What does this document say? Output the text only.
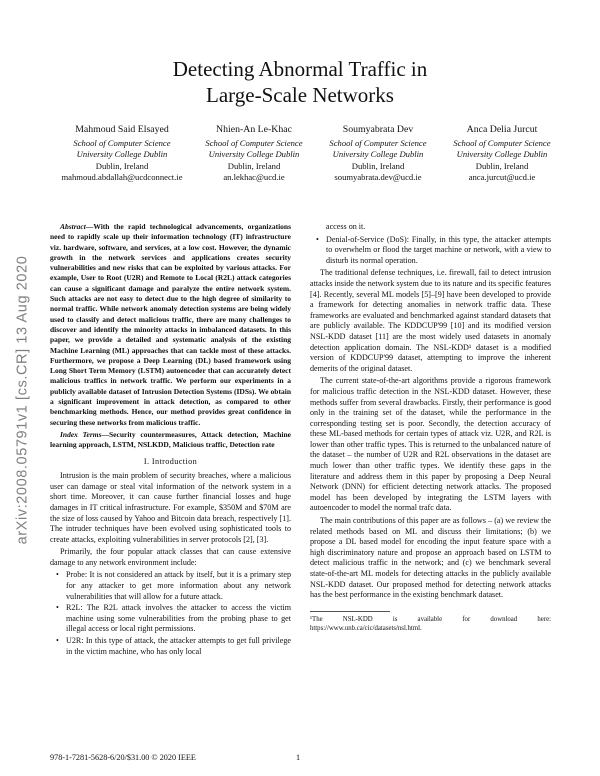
arXiv:2008.05791v1 [cs.CR] 13 Aug 2020
Detecting Abnormal Traffic in
Large-Scale Networks
Mahmoud Said Elsayed
School of Computer Science
University College Dublin
Dublin, Ireland
mahmoud.abdallah@ucdconnect.ie
Nhien-An Le-Khac
School of Computer Science
University College Dublin
Dublin, Ireland
an.lekhac@ucd.ie
Soumyabrata Dev
School of Computer Science
University College Dublin
Dublin, Ireland
soumyabrata.dev@ucd.ie
Anca Delia Jurcut
School of Computer Science
University College Dublin
Dublin, Ireland
anca.jurcut@ucd.ie

Abstract—With the rapid technological advancements, organizations need to rapidly scale up their information technology (IT) infrastructure viz. hardware, software, and services, at a low cost. However, the dynamic growth in the network services and applications creates security vulnerabilities and new risks that can be exploited by various attacks. For example, User to Root (U2R) and Remote to Local (R2L) attack categories can cause a significant damage and paralyze the entire network system. Such attacks are not easy to detect due to the high degree of similarity to normal traffic. While network anomaly detection systems are being widely used to classify and detect malicious traffic, there are many challenges to discover and identify the minority attacks in imbalanced datasets. In this paper, we provide a detailed and systematic analysis of the existing Machine Learning (ML) approaches that can tackle most of these attacks. Furthermore, we propose a Deep Learning (DL) based framework using Long Short Term Memory (LSTM) autoencoder that can accurately detect malicious traffics in network traffic. We perform our experiments in a publicly available dataset of Intrusion Detection Systems (IDSs). We obtain a significant improvement in attack detection, as compared to other benchmarking methods. Hence, our method provides great confidence in securing these networks from malicious traffic.

Index Terms—Security countermeasures, Attack detection, Machine learning approach, LSTM, NSLKDD, Malicious traffic, Detection rate

I. Introduction

Intrusion is the main problem of security breaches, where a malicious user can damage or steal vital information of the network system in a short time. Moreover, it can cause further financial losses and huge damages in IT critical infrastructure. For example, $350M and $70M are the size of loss caused by Yahoo and Bitcoin data breach, respectively [1]. The intruder techniques have been evolved using sophisticated tools to create attacks, exploiting vulnerabilities in server protocols [2], [3].

Primarily, the four popular attack classes that can cause extensive damage to any network environment include:

• Probe: It is not considered an attack by itself, but it is a primary step for any attacker to get more information about any network vulnerabilities that will allow for a future attack.
• R2L: The R2L attack involves the attacker to access the victim machine using some vulnerabilities from the probing phase to get illegal access or local right permissions.
• U2R: In this type of attack, the attacker attempts to get full privilege in the victim machine, who has only local

access on it.

• Denial-of-Service (DoS): Finally, in this type, the attacker attempts to overwhelm or flood the target machine or network, with a view to disturb its normal operation.

The traditional defense techniques, i.e. firewall, fail to detect intrusion attacks inside the network system due to its nature and its specific features [4]. Recently, several ML models [5]–[9] have been developed to provide a framework for detecting anomalies in network traffic data. These frameworks are evaluated and benchmarked against standard datasets that are publicly available. The KDDCUP'99 [10] and its modified version NSL-KDD dataset [11] are the most widely used datasets in anomaly detection application domain. The NSL-KDD¹ dataset is a modified version of KDDCUP'99 dataset, attempting to improve the inherent demerits of the original dataset.

The current state-of-the-art algorithms provide a rigorous framework for malicious traffic detection in the NSL-KDD dataset. However, these methods suffer from several drawbacks. Firstly, their performance is good only in the training set of the dataset, while the performance in the corresponding testing set is poor. Secondly, the detection accuracy of these ML-based methods for certain types of attack viz. U2R, and R2L is lower than other traffic types. This is returned to the unbalanced nature of the dataset – the number of U2R and R2L observations in the dataset are much lower than other traffic types. We identify these gaps in the literature and address them in this paper by proposing a Deep Neural Network (DNN) for efficient detecting network attacks. The proposed model has been developed by integrating the LSTM layers with autoencoder to model the normal trafc data.

The main contributions of this paper are as follows – (a) we review the related methods based on ML and discuss their limitations; (b) we propose a DL based model for encoding the input feature space with a high discriminatory nature and propose an approach based on LSTM to detect malicious traffic in the network; and (c) we benchmark several state-of-the-art ML models for detecting attacks in the publicly available NSL-KDD dataset. Our proposed method for detecting network attacks has the best performance in the existing benchmark dataset.

¹The NSL-KDD is available for download here: https://www.unb.ca/cic/datasets/nsl.html.

978-1-7281-5628-6/20/$31.00 © 2020 IEEE	1
